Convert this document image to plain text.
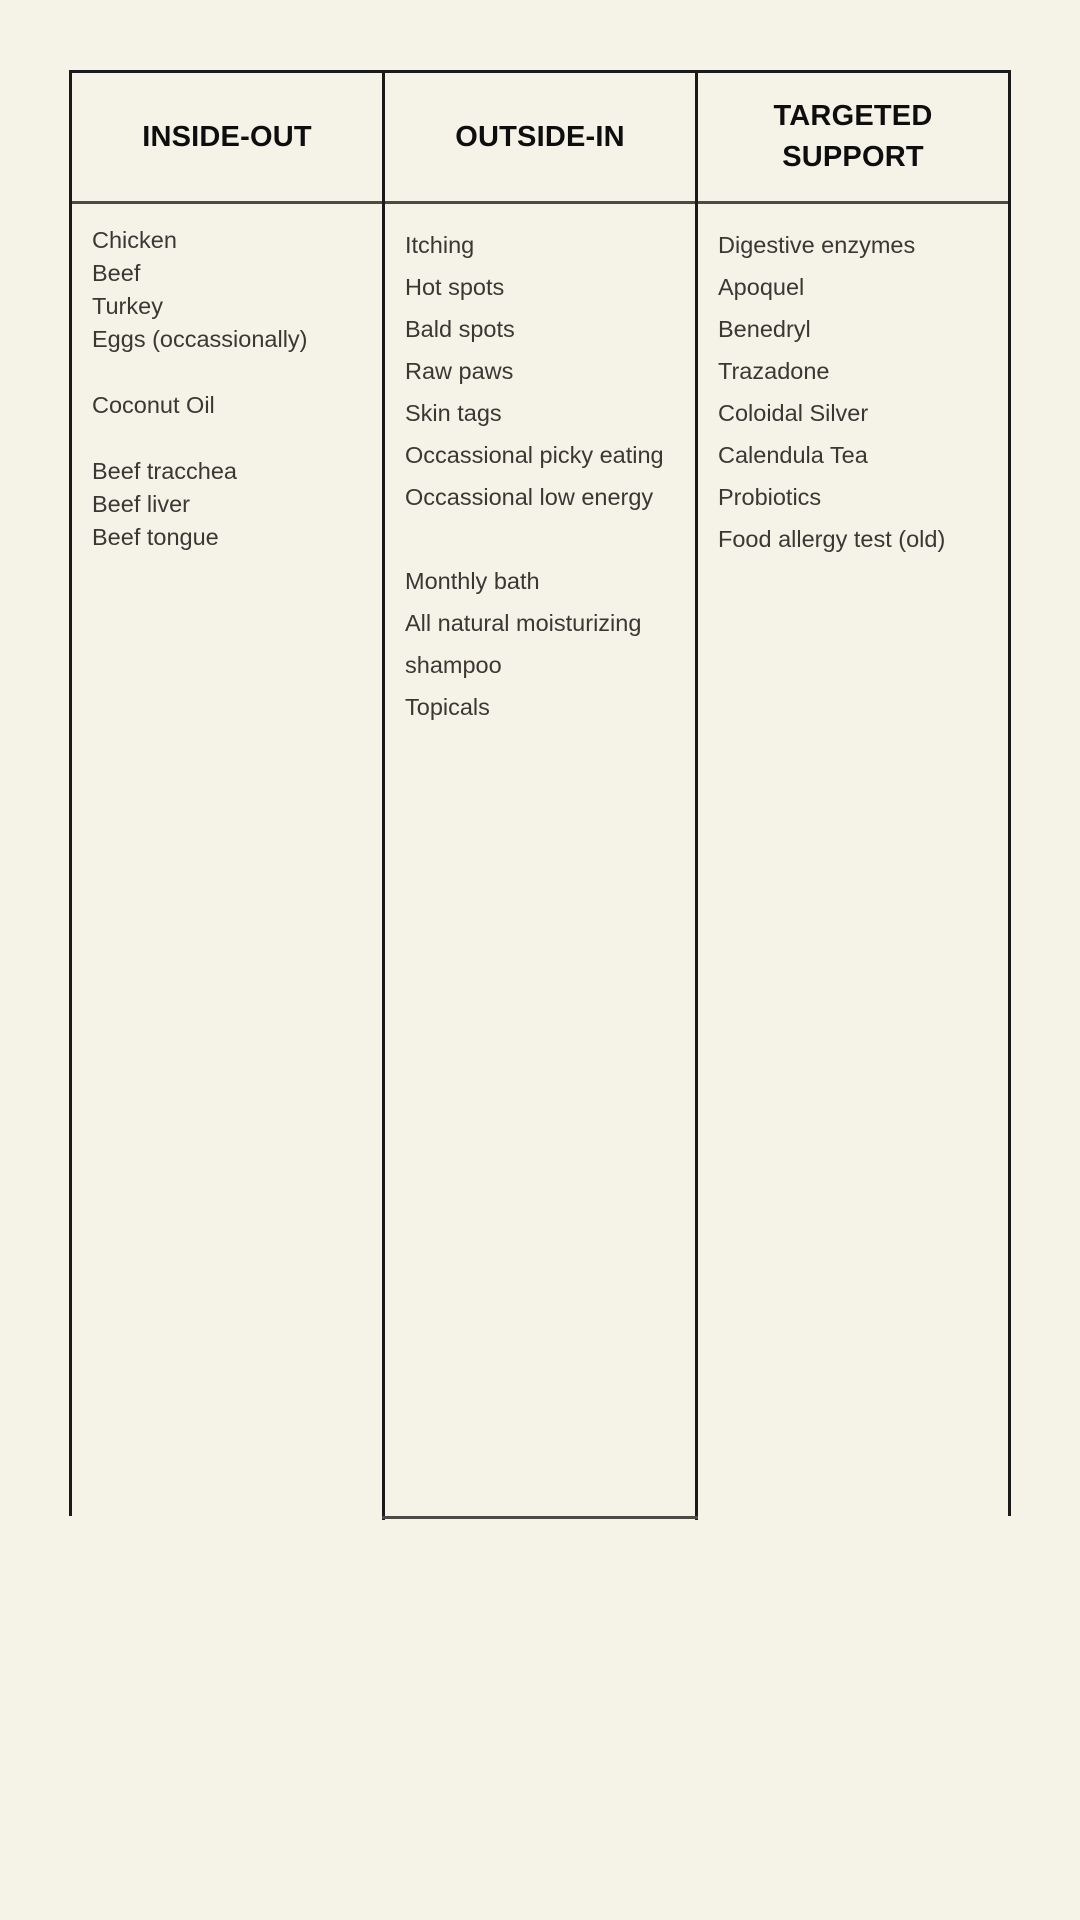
INSIDE-OUT	OUTSIDE-IN
TARGETED SUPPORT
Chicken
Beef
Turkey
Eggs (occassionally)
Coconut Oil
Beef tracchea
Beef liver
Beef tongue
Itching
Hot spots
Bald spots
Raw paws
Skin tags
Occassional picky eating
Occassional low energy
Monthly bath
All natural moisturizing
shampoo
Topicals
Digestive enzymes
Apoquel
Benedryl
Trazadone
Coloidal Silver
Calendula Tea
Probiotics
Food allergy test (old)
